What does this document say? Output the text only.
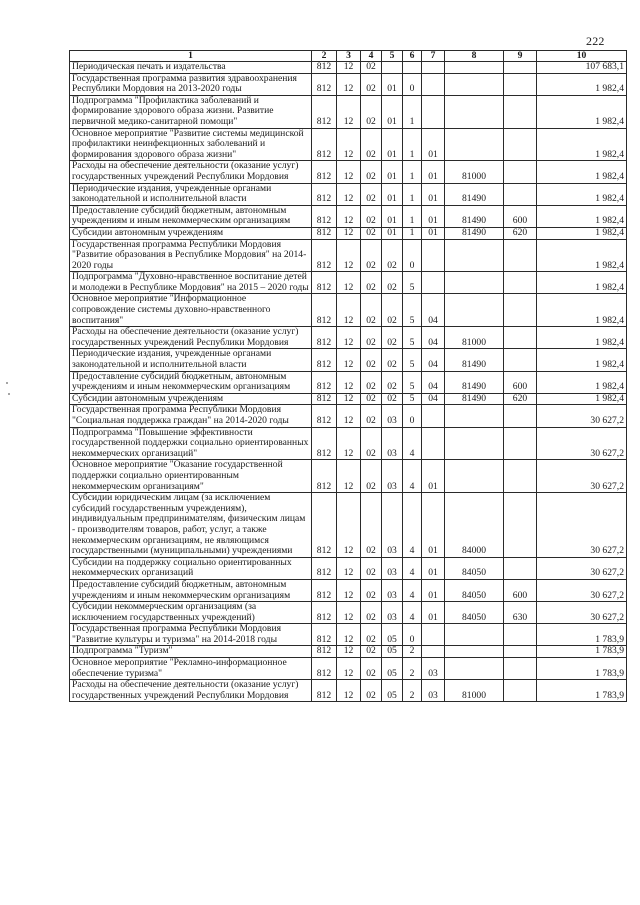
222
1	2	3	4	5	6	7	8	9	10
Периодическая печать и издательства	812	12	02						107 683,1
Государственная программа развития здравоохранения Республики Мордовия на 2013-2020 годы	812	12	02	01	0				1 982,4
Подпрограмма "Профилактика заболеваний и формирование здорового образа жизни. Развитие первичной медико-санитарной помощи"	812	12	02	01	1				1 982,4
Основное мероприятие "Развитие системы медицинской профилактики неинфекционных заболеваний и формирования здорового образа жизни"	812	12	02	01	1	01			1 982,4
Расходы на обеспечение деятельности (оказание услуг) государственных учреждений Республики Мордовия	812	12	02	01	1	01	81000		1 982,4
Периодические издания, учрежденные органами законодательной и исполнительной власти	812	12	02	01	1	01	81490		1 982,4
Предоставление субсидий бюджетным, автономным учреждениям и иным некоммерческим организациям	812	12	02	01	1	01	81490	600	1 982,4
Субсидии автономным учреждениям	812	12	02	01	1	01	81490	620	1 982,4
Государственная программа Республики Мордовия "Развитие образования в Республике Мордовия" на 2014-2020 годы	812	12	02	02	0				1 982,4
Подпрограмма "Духовно-нравственное воспитание детей и молодежи в Республике Мордовия" на 2015 – 2020 годы	812	12	02	02	5				1 982,4
Основное мероприятие "Информационное сопровождение системы духовно-нравственного воспитания"	812	12	02	02	5	04			1 982,4
Расходы на обеспечение деятельности (оказание услуг) государственных учреждений Республики Мордовия	812	12	02	02	5	04	81000		1 982,4
Периодические издания, учрежденные органами законодательной и исполнительной власти	812	12	02	02	5	04	81490		1 982,4
Предоставление субсидий бюджетным, автономным учреждениям и иным некоммерческим организациям	812	12	02	02	5	04	81490	600	1 982,4
Субсидии автономным учреждениям	812	12	02	02	5	04	81490	620	1 982,4
Государственная программа Республики Мордовия "Социальная поддержка граждан" на 2014-2020 годы	812	12	02	03	0				30 627,2
Подпрограмма "Повышение эффективности государственной поддержки социально ориентированных некоммерческих организаций"	812	12	02	03	4				30 627,2
Основное мероприятие "Оказание государственной поддержки социально ориентированным некоммерческим организациям"	812	12	02	03	4	01			30 627,2
Субсидии юридическим лицам (за исключением субсидий государственным учреждениям), индивидуальным предпринимателям, физическим лицам - производителям товаров, работ, услуг, а также некоммерческим организациям, не являющимся государственными (муниципальными) учреждениями	812	12	02	03	4	01	84000		30 627,2
Субсидии на поддержку социально ориентированных некоммерческих организаций	812	12	02	03	4	01	84050		30 627,2
Предоставление субсидий бюджетным, автономным учреждениям и иным некоммерческим организациям	812	12	02	03	4	01	84050	600	30 627,2
Субсидии некоммерческим организациям (за исключением государственных учреждений)	812	12	02	03	4	01	84050	630	30 627,2
Государственная программа Республики Мордовия "Развитие культуры и туризма" на 2014-2018 годы	812	12	02	05	0				1 783,9
Подпрограмма "Туризм"	812	12	02	05	2				1 783,9
Основное мероприятие "Рекламно-информационное обеспечение туризма"	812	12	02	05	2	03			1 783,9
Расходы на обеспечение деятельности (оказание услуг) государственных учреждений Республики Мордовия	812	12	02	05	2	03	81000		1 783,9
